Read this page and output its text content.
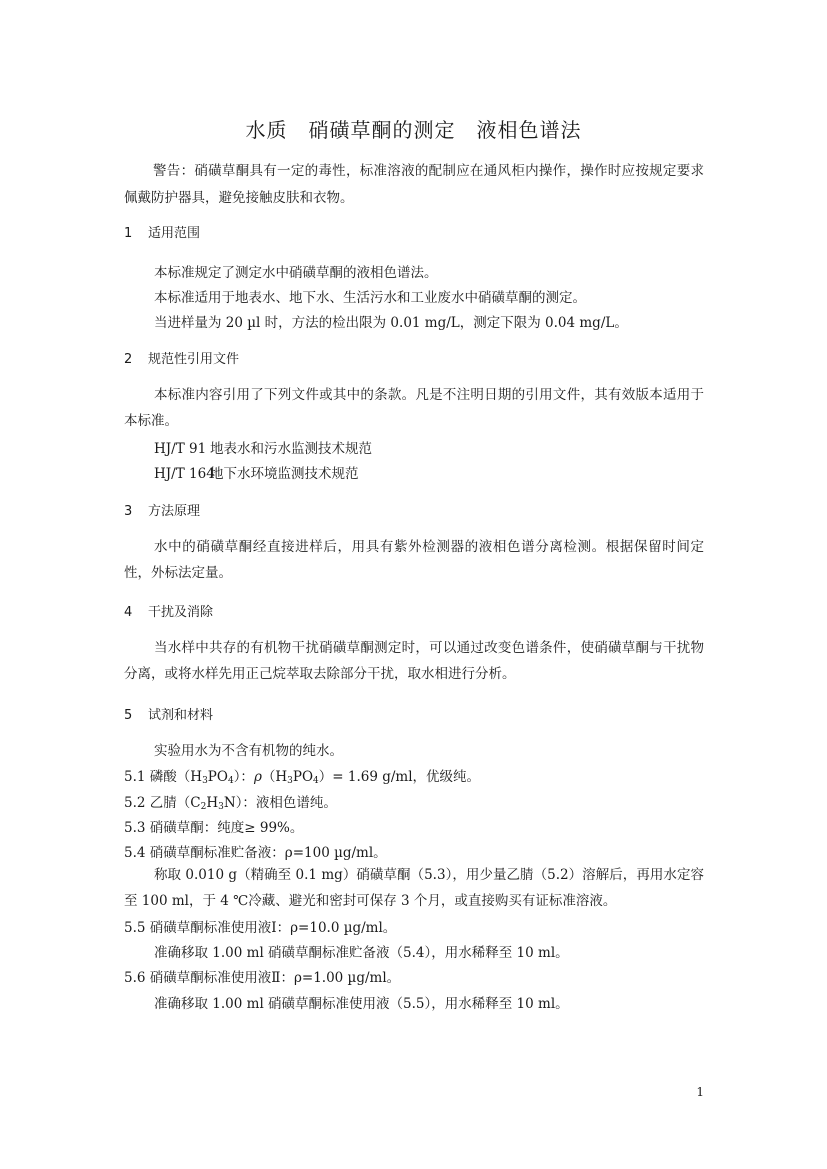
水质　硝磺草酮的测定　液相色谱法
警告：硝磺草酮具有一定的毒性，标准溶液的配制应在通风柜内操作，操作时应按规定要求佩戴防护器具，避免接触皮肤和衣物。
1 适用范围
本标准规定了测定水中硝磺草酮的液相色谱法。
本标准适用于地表水、地下水、生活污水和工业废水中硝磺草酮的测定。
当进样量为 20 µl 时，方法的检出限为 0.01 mg/L，测定下限为 0.04 mg/L。
2 规范性引用文件
本标准内容引用了下列文件或其中的条款。凡是不注明日期的引用文件，其有效版本适用于本标准。
HJ/T 91 地表水和污水监测技术规范
HJ/T 164地下水环境监测技术规范
3 方法原理
水中的硝磺草酮经直接进样后，用具有紫外检测器的液相色谱分离检测。根据保留时间定性，外标法定量。
4 干扰及消除
当水样中共存的有机物干扰硝磺草酮测定时，可以通过改变色谱条件，使硝磺草酮与干扰物分离，或将水样先用正己烷萃取去除部分干扰，取水相进行分析。
5 试剂和材料
实验用水为不含有机物的纯水。
5.1 磷酸$(H_3PO_4)$：$\rho(H_3PO_4)= 1.69$ g/ml，优级纯。
5.2 乙腈$(C_2H_3N)$：液相色谱纯。
5.3 硝磺草酮：纯度≥ 99%。
5.4 硝磺草酮标准贮备液：ρ=100 µg/ml。
称取 0.010 g（精确至 0.1 mg）硝磺草酮（5.3），用少量乙腈（5.2）溶解后，再用水定容至 100 ml，于 4 ℃冷藏、避光和密封可保存 3 个月，或直接购买有证标准溶液。
5.5 硝磺草酮标准使用液Ⅰ：ρ=10.0 µg/ml。
准确移取 1.00 ml 硝磺草酮标准贮备液（5.4），用水稀释至 10 ml。
5.6 硝磺草酮标准使用液Ⅱ：ρ=1.00 µg/ml。
准确移取 1.00 ml 硝磺草酮标准使用液（5.5），用水稀释至 10 ml。
1
